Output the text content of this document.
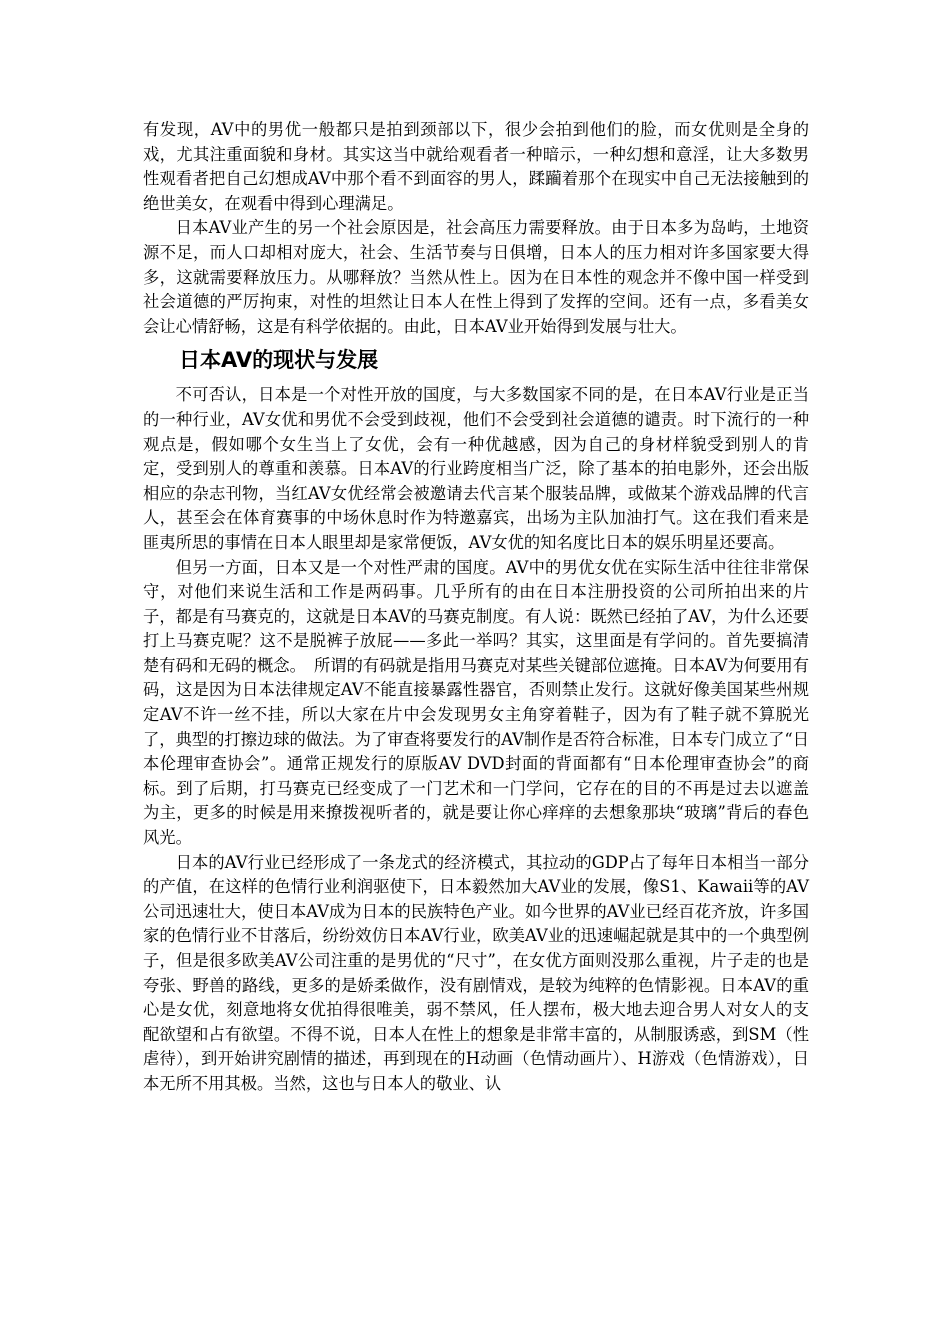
有发现，AV中的男优一般都只是拍到颈部以下，很少会拍到他们的脸，而女优则是全身的戏，尤其注重面貌和身材。其实这当中就给观看者一种暗示，一种幻想和意淫，让大多数男性观看者把自己幻想成AV中那个看不到面容的男人，蹂躏着那个在现实中自己无法接触到的绝世美女，在观看中得到心理满足。

日本AV业产生的另一个社会原因是，社会高压力需要释放。由于日本多为岛屿，土地资源不足，而人口却相对庞大，社会、生活节奏与日俱增，日本人的压力相对许多国家要大得多，这就需要释放压力。从哪释放？当然从性上。因为在日本性的观念并不像中国一样受到社会道德的严厉拘束，对性的坦然让日本人在性上得到了发挥的空间。还有一点，多看美女会让心情舒畅，这是有科学依据的。由此，日本AV业开始得到发展与壮大。

日本AV的现状与发展

不可否认，日本是一个对性开放的国度，与大多数国家不同的是，在日本AV行业是正当的一种行业，AV女优和男优不会受到歧视，他们不会受到社会道德的谴责。时下流行的一种观点是，假如哪个女生当上了女优，会有一种优越感，因为自己的身材样貌受到别人的肯定，受到别人的尊重和羡慕。日本AV的行业跨度相当广泛，除了基本的拍电影外，还会出版相应的杂志刊物，当红AV女优经常会被邀请去代言某个服装品牌，或做某个游戏品牌的代言人，甚至会在体育赛事的中场休息时作为特邀嘉宾，出场为主队加油打气。这在我们看来是匪夷所思的事情在日本人眼里却是家常便饭，AV女优的知名度比日本的娱乐明星还要高。

但另一方面，日本又是一个对性严肃的国度。AV中的男优女优在实际生活中往往非常保守，对他们来说生活和工作是两码事。几乎所有的由在日本注册投资的公司所拍出来的片子，都是有马赛克的，这就是日本AV的马赛克制度。有人说：既然已经拍了AV，为什么还要打上马赛克呢？这不是脱裤子放屁——多此一举吗？其实，这里面是有学问的。首先要搞清楚有码和无码的概念。　所谓的有码就是指用马赛克对某些关键部位遮掩。日本AV为何要用有码，这是因为日本法律规定AV不能直接暴露性器官，否则禁止发行。这就好像美国某些州规定AV不许一丝不挂，所以大家在片中会发现男女主角穿着鞋子，因为有了鞋子就不算脱光了，典型的打擦边球的做法。为了审查将要发行的AV制作是否符合标准，日本专门成立了“日本伦理审查协会”。通常正规发行的原版AV DVD封面的背面都有“日本伦理审查协会”的商标。到了后期，打马赛克已经变成了一门艺术和一门学问，它存在的目的不再是过去以遮盖为主，更多的时候是用来撩拨视听者的，就是要让你心痒痒的去想象那块“玻璃”背后的春色风光。

日本的AV行业已经形成了一条龙式的经济模式，其拉动的GDP占了每年日本相当一部分的产值，在这样的色情行业利润驱使下，日本毅然加大AV业的发展，像S1、Kawaii等的AV公司迅速壮大，使日本AV成为日本的民族特色产业。如今世界的AV业已经百花齐放，许多国家的色情行业不甘落后，纷纷效仿日本AV行业，欧美AV业的迅速崛起就是其中的一个典型例子，但是很多欧美AV公司注重的是男优的“尺寸”，在女优方面则没那么重视，片子走的也是夸张、野兽的路线，更多的是娇柔做作，没有剧情戏，是较为纯粹的色情影视。日本AV的重心是女优，刻意地将女优拍得很唯美，弱不禁风，任人摆布，极大地去迎合男人对女人的支配欲望和占有欲望。不得不说，日本人在性上的想象是非常丰富的，从制服诱惑，到SM（性虐待），到开始讲究剧情的描述，再到现在的H动画（色情动画片）、H游戏（色情游戏），日本无所不用其极。当然，这也与日本人的敬业、认
